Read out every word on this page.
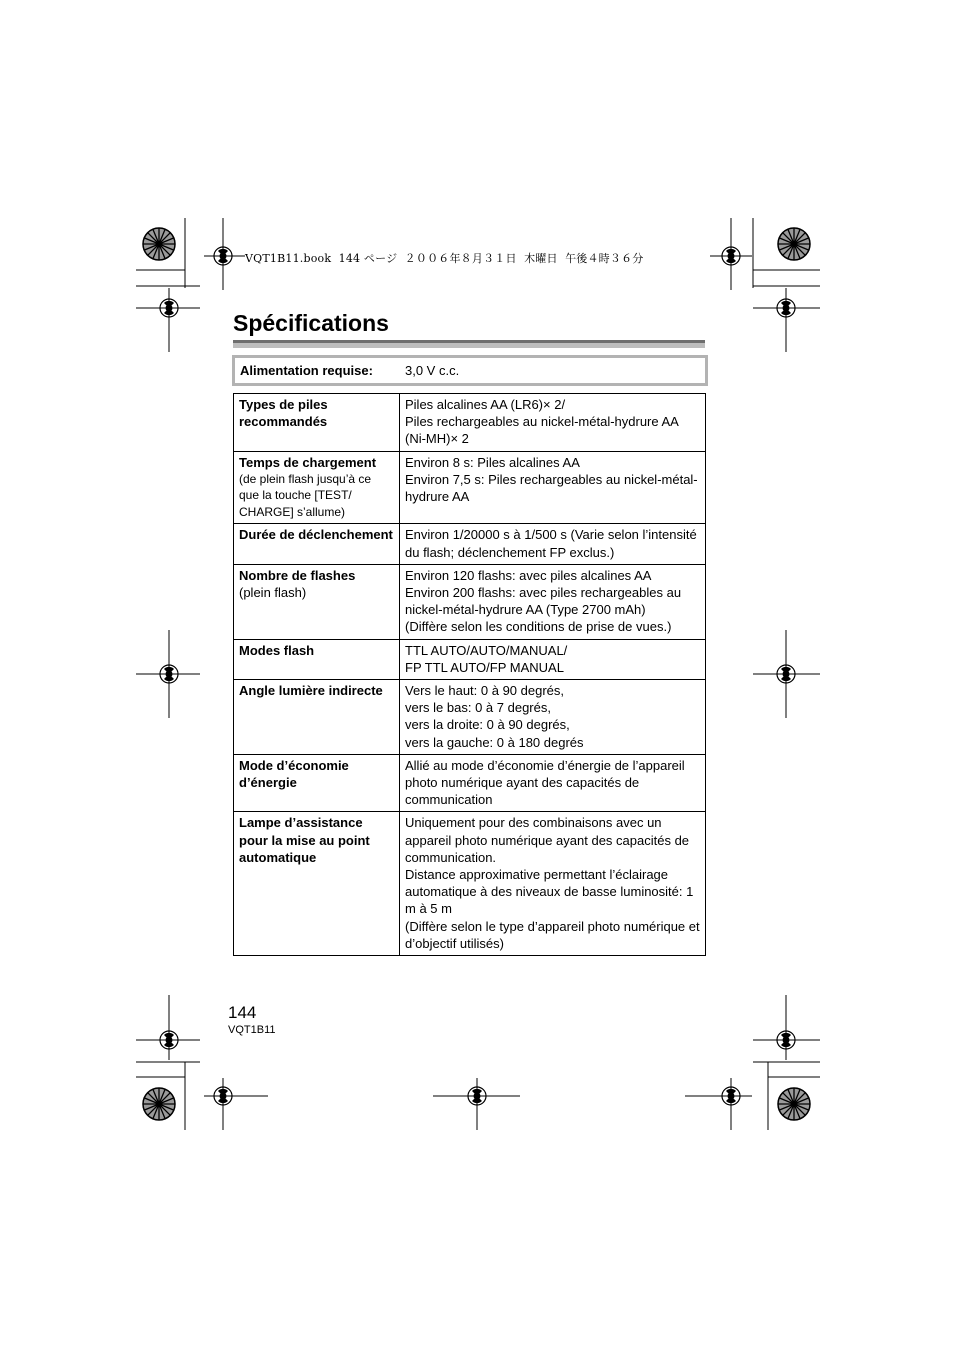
VQT1B11.book  144 ページ  ２００６年８月３１日  木曜日  午後４時３６分
Spécifications
Alimentation requise: 3,0 V c.c.
Types de piles recommandés	Piles alcalines AA (LR6)× 2/
Piles rechargeables au nickel-métal-hydrure AA (Ni-MH)× 2

Temps de chargement
(de plein flash jusqu’à ce que la touche [TEST/ CHARGE] s’allume)	Environ 8 s: Piles alcalines AA
Environ 7,5 s: Piles rechargeables au nickel-métal-hydrure AA

Durée de déclenchement	Environ 1/20000 s à 1/500 s (Varie selon l’intensité du flash; déclenchement FP exclus.)

Nombre de flashes
(plein flash)	Environ 120 flashs: avec piles alcalines AA
Environ 200 flashs: avec piles rechargeables au nickel-métal-hydrure AA (Type 2700 mAh)
(Diffère selon les conditions de prise de vues.)

Modes flash	TTL AUTO/AUTO/MANUAL/
FP TTL AUTO/FP MANUAL

Angle lumière indirecte	Vers le haut: 0 à 90 degrés,
vers le bas: 0 à 7 degrés,
vers la droite: 0 à 90 degrés,
vers la gauche: 0 à 180 degrés

Mode d’économie d’énergie	Allié au mode d’économie d’énergie de l’appareil photo numérique ayant des capacités de communication

Lampe d’assistance pour la mise au point automatique	Uniquement pour des combinaisons avec un appareil photo numérique ayant des capacités de communication.
Distance approximative permettant l’éclairage automatique à des niveaux de basse luminosité: 1 m à 5 m
(Diffère selon le type d’appareil photo numérique et d’objectif utilisés)
144
VQT1B11
